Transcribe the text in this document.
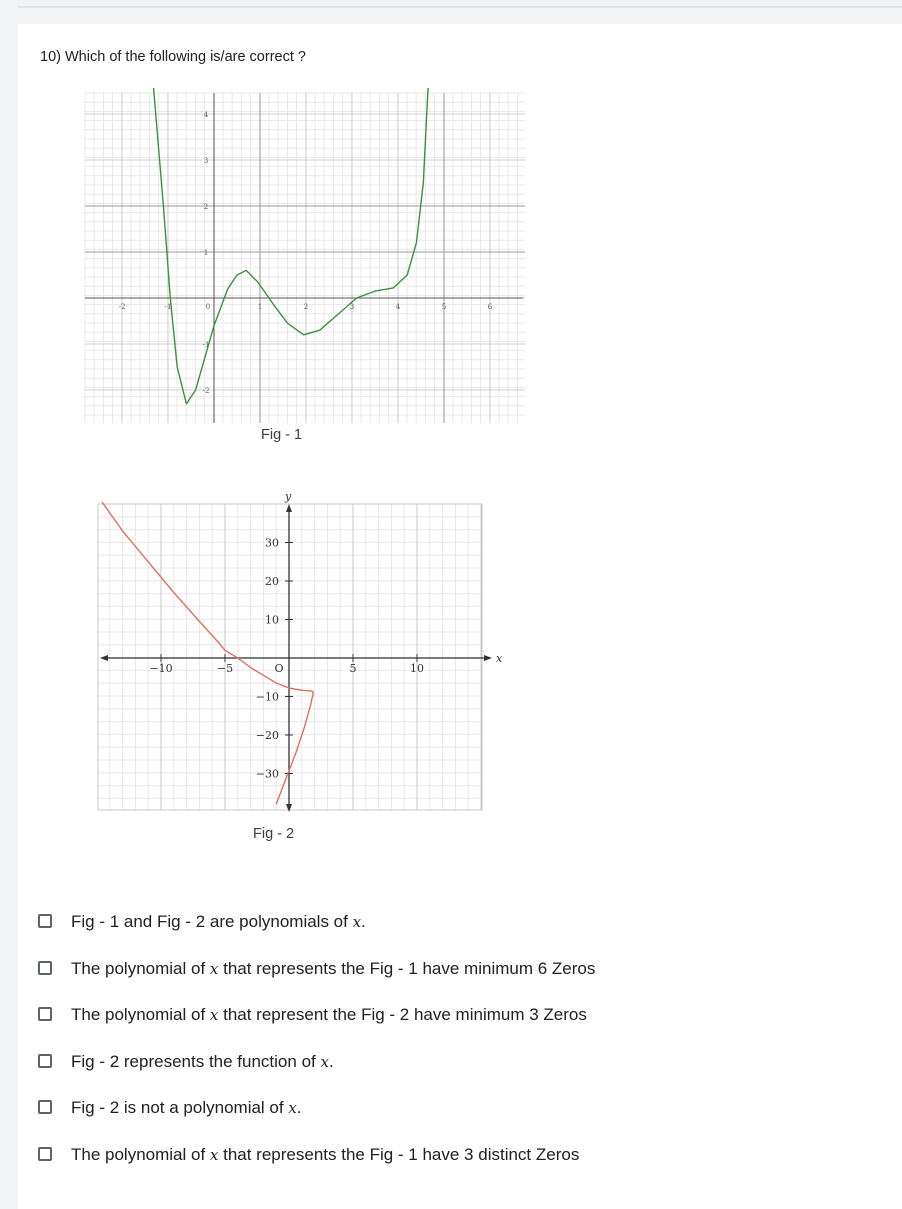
10) Which of the following is/are correct ?
-2	-1	0	1	2	3	4	5	6
4
3
2
1
-1
-2
Fig - 1
x
y
−10	−5	5	10
O
30
20
10
−10
−20
−30
Fig - 2
Fig - 1 and Fig - 2 are polynomials of x.
The polynomial of x that represents the Fig - 1 have minimum 6 Zeros
The polynomial of x that represent the Fig - 2 have minimum 3 Zeros
Fig - 2 represents the function of x.
Fig - 2 is not a polynomial of x.
The polynomial of x that represents the Fig - 1 have 3 distinct Zeros
